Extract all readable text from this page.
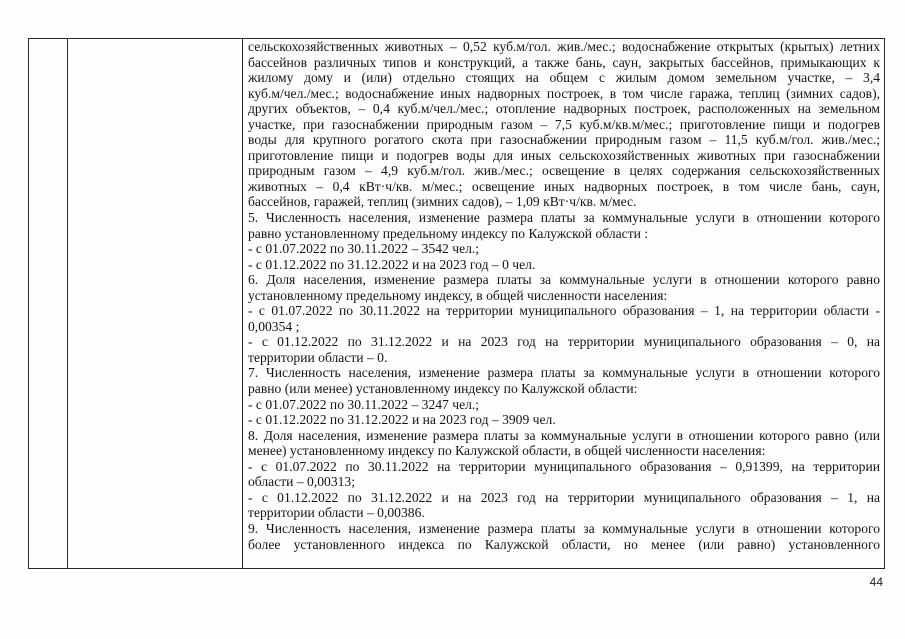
сельскохозяйственных животных – 0,52 куб.м/гол. жив./мес.; водоснабжение открытых (крытых) летних
бассейнов различных типов и конструкций, а также бань, саун, закрытых бассейнов, примыкающих к
жилому дому и (или) отдельно стоящих на общем с жилым домом земельном участке, – 3,4
куб.м/чел./мес.; водоснабжение иных надворных построек, в том числе гаража, теплиц (зимних садов),
других объектов, – 0,4 куб.м/чел./мес.; отопление надворных построек, расположенных на земельном
участке, при газоснабжении природным газом – 7,5 куб.м/кв.м/мес.; приготовление пищи и подогрев
воды для крупного рогатого скота при газоснабжении природным газом – 11,5 куб.м/гол. жив./мес.;
приготовление пищи и подогрев воды для иных сельскохозяйственных животных при газоснабжении
природным газом – 4,9 куб.м/гол. жив./мес.; освещение в целях содержания сельскохозяйственных
животных – 0,4 кВт·ч/кв. м/мес.; освещение иных надворных построек, в том числе бань, саун,
бассейнов, гаражей, теплиц (зимних садов), – 1,09 кВт·ч/кв. м/мес.
5. Численность населения, изменение размера платы за коммунальные услуги в отношении которого
равно установленному предельному индексу по Калужской области :
- с 01.07.2022 по 30.11.2022 – 3542 чел.;
- с 01.12.2022 по 31.12.2022 и на 2023 год – 0 чел.
6. Доля населения, изменение размера платы за коммунальные услуги в отношении которого равно
установленному предельному индексу, в общей численности населения:
- с 01.07.2022 по 30.11.2022 на территории муниципального образования – 1, на территории области -
0,00354 ;
- с 01.12.2022 по 31.12.2022 и на 2023 год на территории муниципального образования – 0, на
территории области – 0.
7. Численность населения, изменение размера платы за коммунальные услуги в отношении которого
равно (или менее) установленному индексу по Калужской области:
- с 01.07.2022 по 30.11.2022 – 3247 чел.;
- с 01.12.2022 по 31.12.2022 и на 2023 год – 3909 чел.
8. Доля населения, изменение размера платы за коммунальные услуги в отношении которого равно (или
менее) установленному индексу по Калужской области, в общей численности населения:
- с 01.07.2022 по 30.11.2022 на территории муниципального образования – 0,91399, на территории
области – 0,00313;
- с 01.12.2022 по 31.12.2022 и на 2023 год на территории муниципального образования – 1, на
территории области – 0,00386.
9. Численность населения, изменение размера платы за коммунальные услуги в отношении которого
более установленного индекса по Калужской области, но менее (или равно) установленного
44
